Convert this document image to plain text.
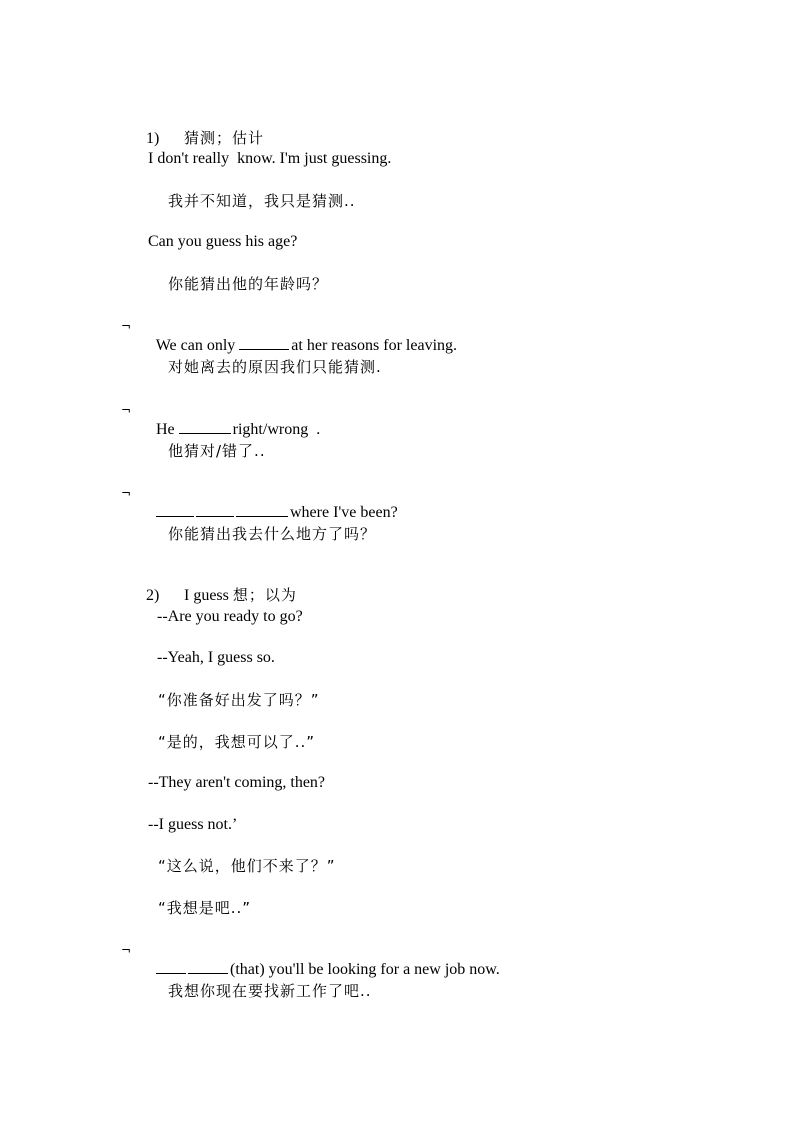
1) 猜测；估计

I don't really  know. I'm just guessing.
我并不知道，我只是猜测..
Can you guess his age?
你能猜出他的年龄吗？
¬

We can only	at her reasons for leaving.

对她离去的原因我们只能猜测.
¬

He	right/wrong  .

他猜对/错了..
¬

where I've been?

你能猜出我去什么地方了吗？

2) I guess 想；以为

--Are you ready to go?
--Yeah, I guess so.
“你准备好出发了吗？”
“是的，我想可以了..”
--They aren't coming, then?
--I guess not.’
“这么说，他们不来了？”
“我想是吧..”
¬

(that) you'll be looking for a new job now.

我想你现在要找新工作了吧..
